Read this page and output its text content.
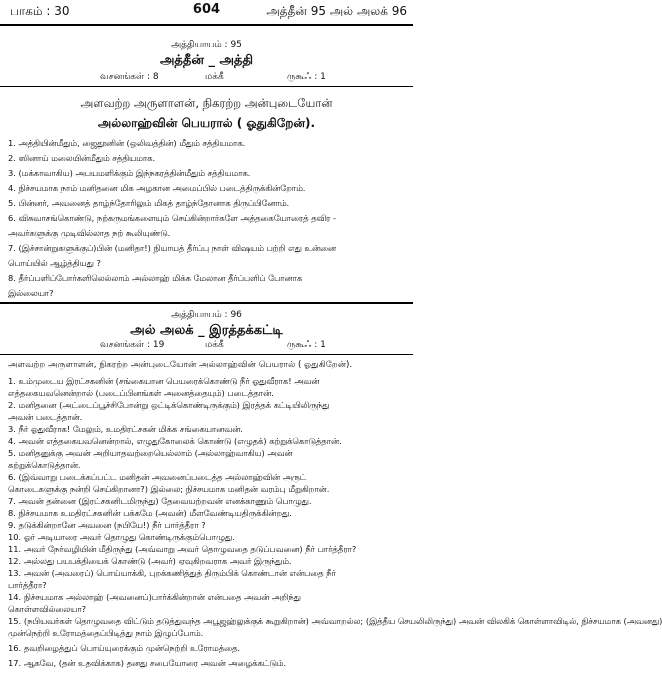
பாகம் : 30	604	அத்தீன் 95 அல் அலக் 96
அத்தியாயம் : 95
அத்தீன் _ அத்தி
வசனங்கள் : 8	மக்கீ	ருகூஃ : 1
அளவற்ற அருளாளன், நிகரற்ற அன்புடையோன்
அல்லாஹ்வின் பெயரால் ( ஓதுகிறேன்).
1. அத்தியின்மீதும், ஜைதூனின் (ஒலிவத்தின்) மீதும் சத்தியமாக.
2. ஸினாய் மலையின்மீதும் சத்தியமாக.
3. (மக்காவாகிய) அபயமளிக்கும் இந்நகரத்தின்மீதும் சத்தியமாக.
4. நிச்சயமாக நாம் மனிதனை மிக அழகான அமைப்பில் படைத்திருக்கின்றோம்.
5. பின்னர், அவனைத் தாழ்ந்தோரிலும் மிகத் தாழ்ந்தோனாக திருப்பினோம்.
6. விசுவாசங்கொண்டு, நற்கருமங்களையும் செய்கின்றார்களே அத்தகையோரைத் தவிர -
அவர்களுக்கு முடிவில்லாத நற் கூலியுண்டு.
7. (இச்சான்றுகளுக்குப்)பின் (மனிதா!) நியாயத் தீர்ப்பு நாள் விஷயம் பற்றி எது உன்னை
பொய்யில் ஆழ்த்தியது ?
8. தீர்ப்பளிப்போர்களிலெல்லாம் அல்லாஹ் மிக்க மேலான தீர்ப்பளிப் போனாக
இல்லையா?
அத்தியாயம் : 96
அல் அலக் _ இரத்தக்கட்டி
வசனங்கள் : 19	மக்கீ	ருகூஃ : 1
அளவற்ற அருளாளன், நிகரற்ற அன்புடையோன் அல்லாஹ்வின் பெயரால் ( ஓதுகிறேன்).
1. உம்முடைய இரட்சகனின் (சங்கையான பெயரைக்கொண்டு நீர் ஓதுவீராக! அவன்
எத்தகையவனென்றால் (படைப்பினங்கள் அனைத்தையும்) படைத்தான்.
2. மனிதனை (அட்டைப்பூச்சிபோன்று ஒட்டிக்கொண்டிருக்கும்) இரத்தக் கட்டியிலிருந்து
அவன் படைத்தான்.
3. நீர் ஓதுவீராக! மேலும், உமதிரட்சகன் மிக்க சங்கையானவன்.
4. அவன் எத்தகையவனென்றால், எழுதுகோலைக் கொண்டு (எழுதக்) கற்றுக்கொடுத்தான்.
5. மனிதனுக்கு அவன் அறியாதவற்றையெல்லாம் (அல்லாஹ்வாகிய) அவன்
கற்றுக்கொடுத்தான்.
6. (இவ்வாறு படைக்கப்பட்ட மனிதன் அவனைப்படைத்த அல்லாஹ்வின் அருட்
கொடைகளுக்கு நன்றி செய்கிறானா?) இல்லை; நிச்சயமாக மனிதன் வரம்பு மீறுகிறான்.
7. அவன் தன்னை (இரட்சகனிடமிருந்து) தேவையற்றவன் எனக்காணும் பொழுது.
8. நிச்சயமாக உமதிரட்சகனின் பக்கமே (அவன்) மீளவேண்டியதிருக்கின்றது.
9. தடுக்கின்றானே அவனை (நபியே!) நீர் பார்த்தீரா ?
10. ஓர் அடியாரை அவர் தொழுது கொண்டிருக்கும்பொழுது.
11. அவர் நேர்வழியின் மீதிருந்து (அவ்வாறு அவர் தொழுவதை தடுப்பவனை) நீர் பார்த்தீரா?
12. அல்லது பயபக்தியைக் கொண்டு (அவர்) ஏவுகிறவராக அவர் இருந்தும்.
13. அவன் (அவரைப்) பொய்யாக்கி, புறக்கணித்துத் திரும்பிக் கொண்டான் என்பதை நீர்
பார்த்தீரா?
14. நிச்சயமாக அல்லாஹ் (அவனைப்)பார்க்கின்றான் என்பதை அவன் அறிந்து
கொள்ளவில்லையா?
15. (நபியவர்கள் தொழுவதை விட்டும் தடுத்துவந்த அபூஜஹ்லுக்குக் கூறுகிறான்) அவ்வாறல்ல; (இத்தீய செயலிலிருந்து) அவன் விலகிக் கொள்ளாவிடில், நிச்சயமாக (அவனது)
முன்நெற்றி உரோமத்தைப்பிடித்து நாம் இழுப்போம்.
16. தவறிழைத்துப் பொய்யுரைக்கும் முன்நெற்றி உரோமத்தை.
17. ஆகவே, (தன் உதவிக்காக) தனது சபையோரை அவன் அழைக்கட்டும்.
